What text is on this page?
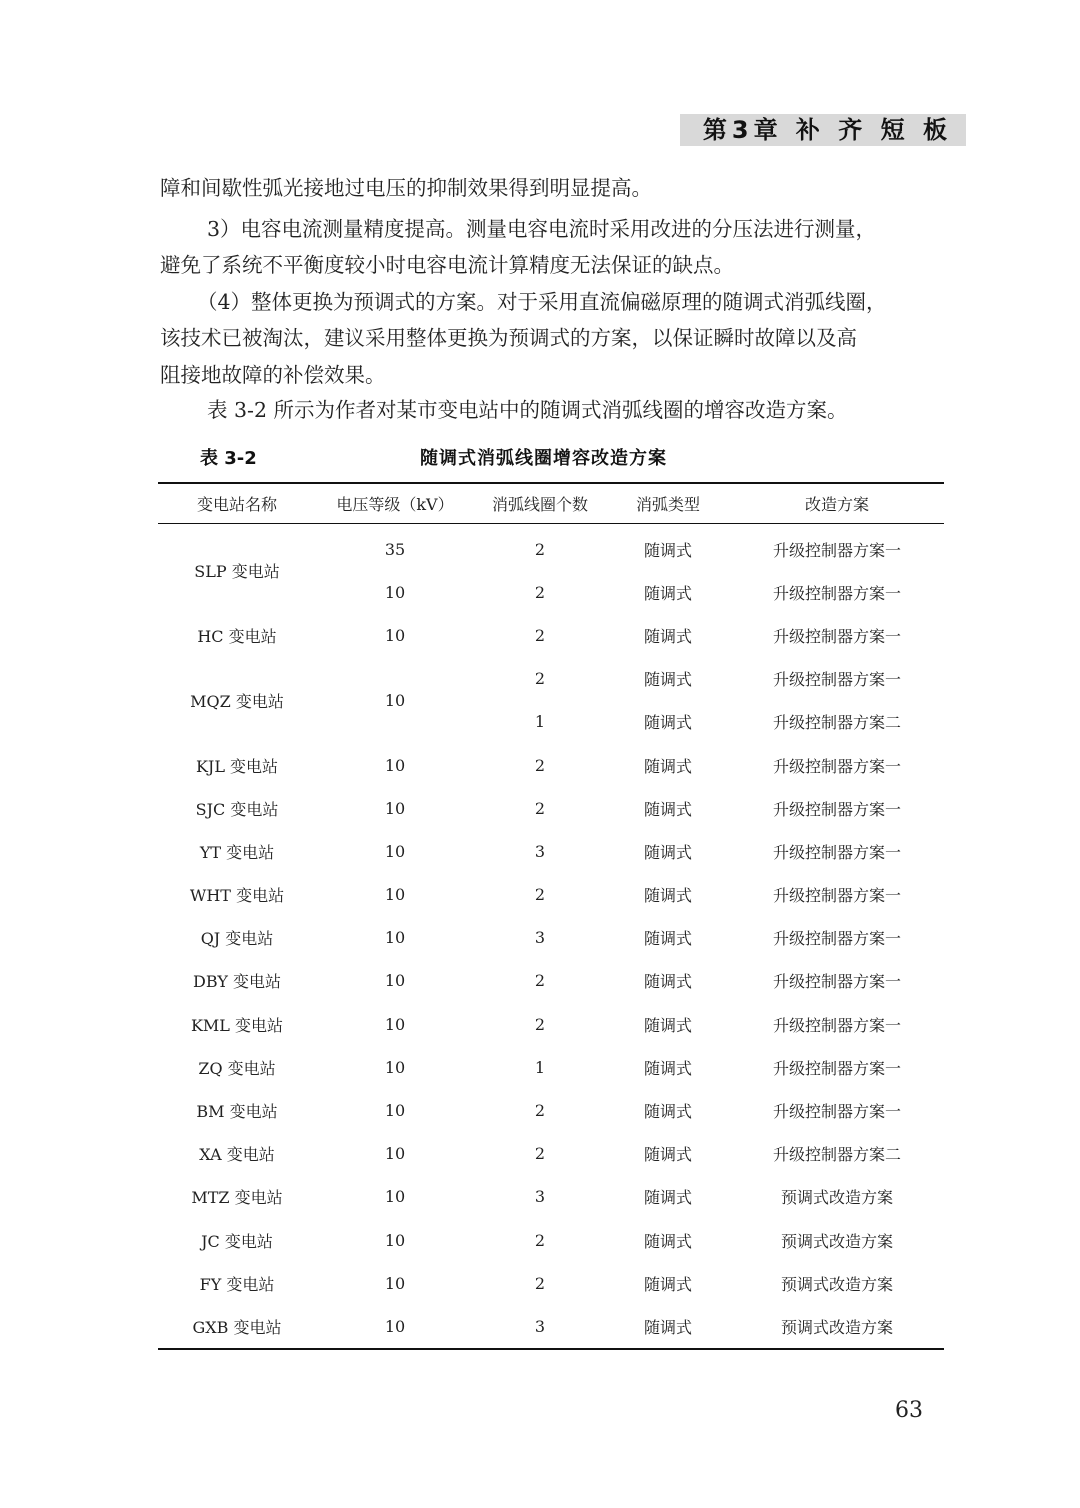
第3章 补 齐 短 板
障和间歇性弧光接地过电压的抑制效果得到明显提高。
3）电容电流测量精度提高。测量电容电流时采用改进的分压法进行测量，
避免了系统不平衡度较小时电容电流计算精度无法保证的缺点。
（4）整体更换为预调式的方案。对于采用直流偏磁原理的随调式消弧线圈，
该技术已被淘汰，建议采用整体更换为预调式的方案，以保证瞬时故障以及高
阻接地故障的补偿效果。
表 3-2 所示为作者对某市变电站中的随调式消弧线圈的增容改造方案。
表 3-2	随调式消弧线圈增容改造方案
变电站名称	电压等级（kV）	消弧线圈个数	消弧类型	改造方案
SLP 变电站	35	2	随调式	升级控制器方案一
	10	2	随调式	升级控制器方案一
HC 变电站	10	2	随调式	升级控制器方案一
MQZ 变电站	10	2	随调式	升级控制器方案一
		1	随调式	升级控制器方案二
KJL 变电站	10	2	随调式	升级控制器方案一
SJC 变电站	10	2	随调式	升级控制器方案一
YT 变电站	10	3	随调式	升级控制器方案一
WHT 变电站	10	2	随调式	升级控制器方案一
QJ 变电站	10	3	随调式	升级控制器方案一
DBY 变电站	10	2	随调式	升级控制器方案一
KML 变电站	10	2	随调式	升级控制器方案一
ZQ 变电站	10	1	随调式	升级控制器方案一
BM 变电站	10	2	随调式	升级控制器方案一
XA 变电站	10	2	随调式	升级控制器方案二
MTZ 变电站	10	3	随调式	预调式改造方案
JC 变电站	10	2	随调式	预调式改造方案
FY 变电站	10	2	随调式	预调式改造方案
GXB 变电站	10	3	随调式	预调式改造方案
63
